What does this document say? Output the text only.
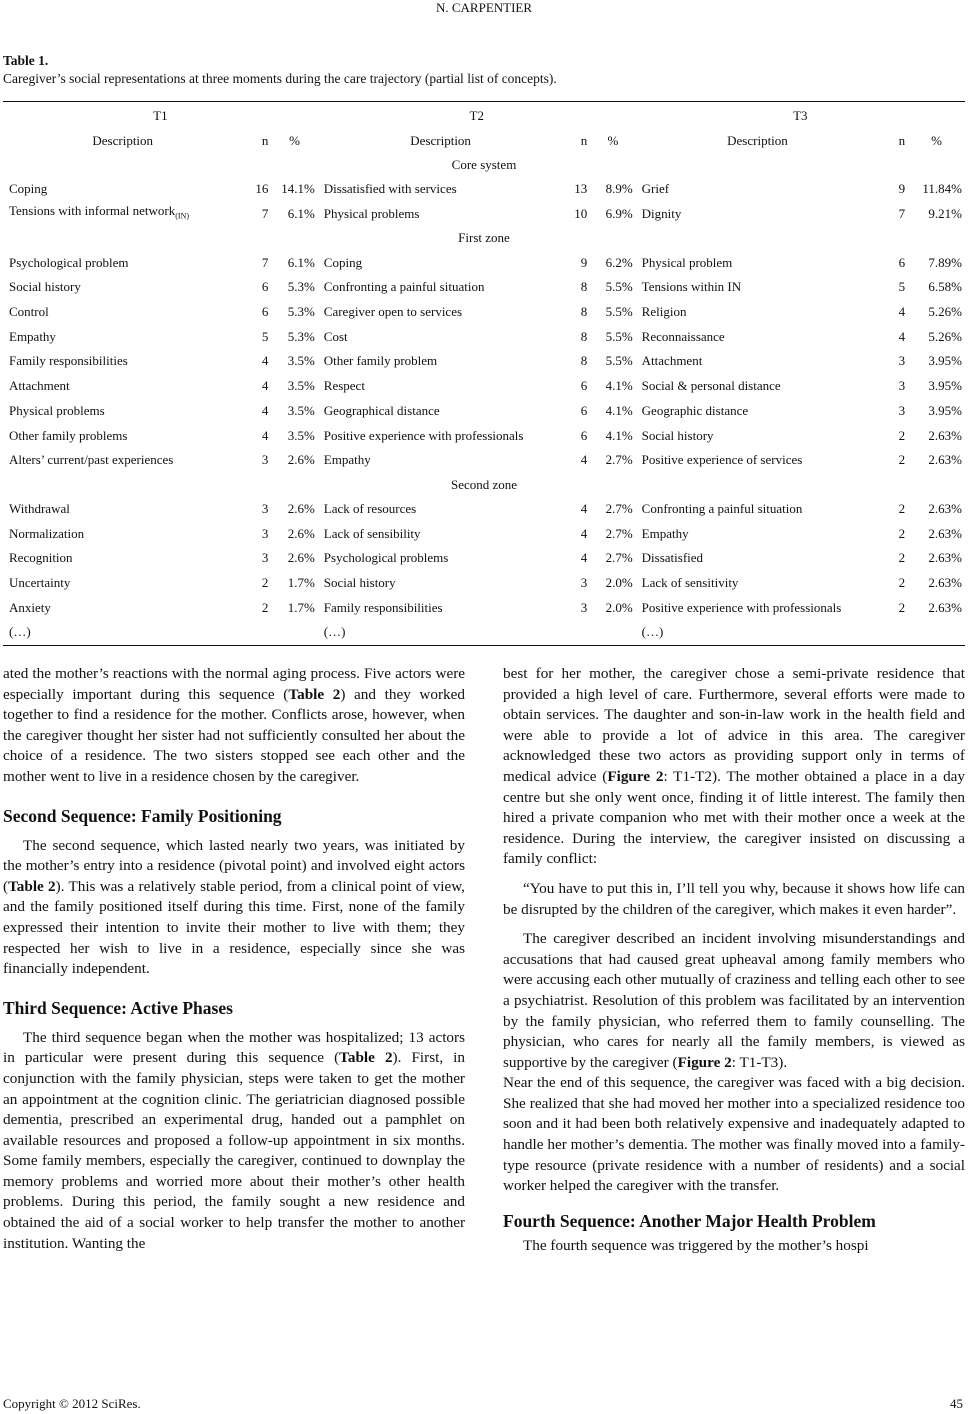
N. CARPENTIER
Table 1.
Caregiver’s social representations at three moments during the care trajectory (partial list of concepts).
T1			T2			T3		
Description	n	%	Description	n	%	Description	n	%
Core system								
Coping	16	14.1%	Dissatisfied with services	13	8.9%	Grief	9	11.84%
Tensions with informal network$_{(IN)}$	7	6.1%	Physical problems	10	6.9%	Dignity	7	9.21%
First zone								
Psychological problem	7	6.1%	Coping	9	6.2%	Physical problem	6	7.89%
Social history	6	5.3%	Confronting a painful situation	8	5.5%	Tensions within IN	5	6.58%
Control	6	5.3%	Caregiver open to services	8	5.5%	Religion	4	5.26%
Empathy	5	5.3%	Cost	8	5.5%	Reconnaissance	4	5.26%
Family responsibilities	4	3.5%	Other family problem	8	5.5%	Attachment	3	3.95%
Attachment	4	3.5%	Respect	6	4.1%	Social & personal distance	3	3.95%
Physical problems	4	3.5%	Geographical distance	6	4.1%	Geographic distance	3	3.95%
Other family problems	4	3.5%	Positive experience with professionals	6	4.1%	Social history	2	2.63%
Alters’ current/past experiences	3	2.6%	Empathy	4	2.7%	Positive experience of services	2	2.63%
Second zone								
Withdrawal	3	2.6%	Lack of resources	4	2.7%	Confronting a painful situation	2	2.63%
Normalization	3	2.6%	Lack of sensibility	4	2.7%	Empathy	2	2.63%
Recognition	3	2.6%	Psychological problems	4	2.7%	Dissatisfied	2	2.63%
Uncertainty	2	1.7%	Social history	3	2.0%	Lack of sensitivity	2	2.63%
Anxiety	2	1.7%	Family responsibilities	3	2.0%	Positive experience with professionals	2	2.63%
(…)			(…)			(…)		

ated the mother’s reactions with the normal aging process. Five actors were especially important during this sequence (Table 2) and they worked together to find a residence for the mother. Conflicts arose, however, when the caregiver thought her sister had not sufficiently consulted her about the choice of a residence. The two sisters stopped see each other and the mother went to live in a residence chosen by the caregiver.

Second Sequence: Family Positioning

The second sequence, which lasted nearly two years, was initiated by the mother’s entry into a residence (pivotal point) and involved eight actors (Table 2). This was a relatively stable period, from a clinical point of view, and the family positioned itself during this time. First, none of the family expressed their intention to invite their mother to live with them; they respected her wish to live in a residence, especially since she was financially independent.

Third Sequence: Active Phases

The third sequence began when the mother was hospitalized; 13 actors in particular were present during this sequence (Table 2). First, in conjunction with the family physician, steps were taken to get the mother an appointment at the cognition clinic. The geriatrician diagnosed possible dementia, prescribed an experimental drug, handed out a pamphlet on available resources and proposed a follow-up appointment in six months. Some family members, especially the caregiver, continued to downplay the memory problems and worried more about their mother’s other health problems. During this period, the family sought a new residence and obtained the aid of a social worker to help transfer the mother to another institution. Wanting the

best for her mother, the caregiver chose a semi-private residence that provided a high level of care. Furthermore, several efforts were made to obtain services. The daughter and son-in-law work in the health field and were able to provide a lot of advice in this area. The caregiver acknowledged these two actors as providing support only in terms of medical advice (Figure 2: T1-T2). The mother obtained a place in a day centre but she only went once, finding it of little interest. The family then hired a private companion who met with their mother once a week at the residence. During the interview, the caregiver insisted on discussing a family conflict:

“You have to put this in, I’ll tell you why, because it shows how life can be disrupted by the children of the caregiver, which makes it even harder”.

The caregiver described an incident involving misunderstandings and accusations that had caused great upheaval among family members who were accusing each other mutually of craziness and telling each other to see a psychiatrist. Resolution of this problem was facilitated by an intervention by the family physician, who referred them to family counselling. The physician, who cares for nearly all the family members, is viewed as supportive by the caregiver (Figure 2: T1-T3).

Near the end of this sequence, the caregiver was faced with a big decision. She realized that she had moved her mother into a specialized residence too soon and it had been both relatively expensive and inadequately adapted to handle her mother’s dementia. The mother was finally moved into a family-type resource (private residence with a number of residents) and a social worker helped the caregiver with the transfer.

Fourth Sequence: Another Major Health Problem

The fourth sequence was triggered by the mother’s hospi

Copyright © 2012 SciRes.	45
